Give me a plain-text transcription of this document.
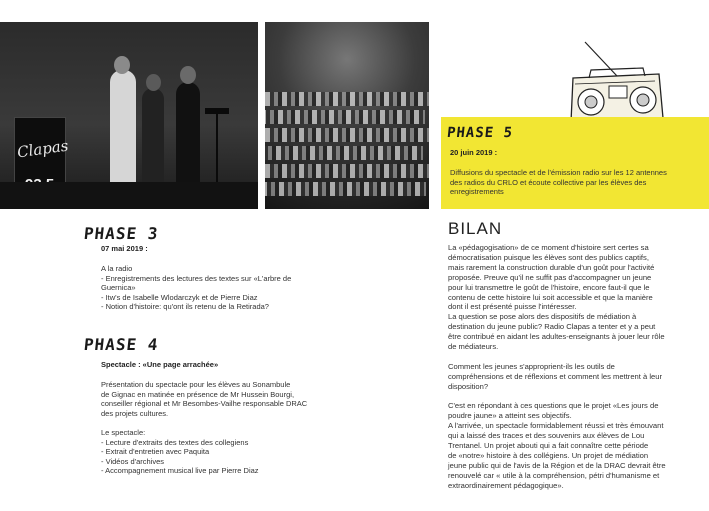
Clapas
PHASE 5
20 juin 2019 :
Diffusions du spectacle et de l'émission radio sur les 12 antennes
des radios du CRLO et écoute collective par les élèves des
enregistrements
PHASE 3
07 mai 2019 :
A la radio
- Enregistrements des lectures des textes sur «L'arbre de
Guernica»
- Itw's de Isabelle Wlodarczyk et de Pierre Diaz
- Notion d'histoire: qu'ont ils retenu de la Retirada?
PHASE 4
Spectacle : «Une page arrachée»
Présentation du spectacle pour les élèves au Sonambule
de Gignac en matinée en présence de Mr Hussein Bourgi,
conseiller régional et Mr Besombes-Vailhe responsable DRAC
des projets cultures.
Le spectacle:
- Lecture d'extraits des textes des collegiens
- Extrait d'entretien avec Paquita
- Vidéos d'archives
- Accompagnement musical live par Pierre Diaz
BILAN
La «pédagogisation» de ce moment d'histoire sert certes sa
démocratisation puisque les élèves sont des publics captifs,
mais rarement la construction durable d'un goût pour l'activité
proposée. Preuve qu'il ne suffit pas d'accompagner un jeune
pour lui transmettre le goût de l'histoire, encore faut-il que le
contenu de cette histoire lui soit accessible et que la manière
dont il est présenté puisse l'intéresser.
La question se pose alors des dispositifs de médiation à
destination du jeune public? Radio Clapas a tenter et y a peut
être contribué en aidant les adultes-enseignants à jouer leur rôle
de médiateurs.
Comment les jeunes s'approprient-ils les outils de
compréhensions et de réflexions et comment les mettrent à leur
disposition?
C'est en répondant à ces questions que le projet «Les jours de
poudre jaune» a atteint ses objectifs.
A l'arrivée, un spectacle formidablement réussi et très émouvant
qui a laissé des traces et des souvenirs aux élèves de Lou
Trentanel. Un projet abouti qui a fait connaître cette période
de «notre» histoire à des collégiens. Un projet de médiation
jeune public qui de l'avis de la Région et de la DRAC devrait être
renouvelé car « utile à la compréhension, pétri d'humanisme et
extraordinairement pédagogique».
